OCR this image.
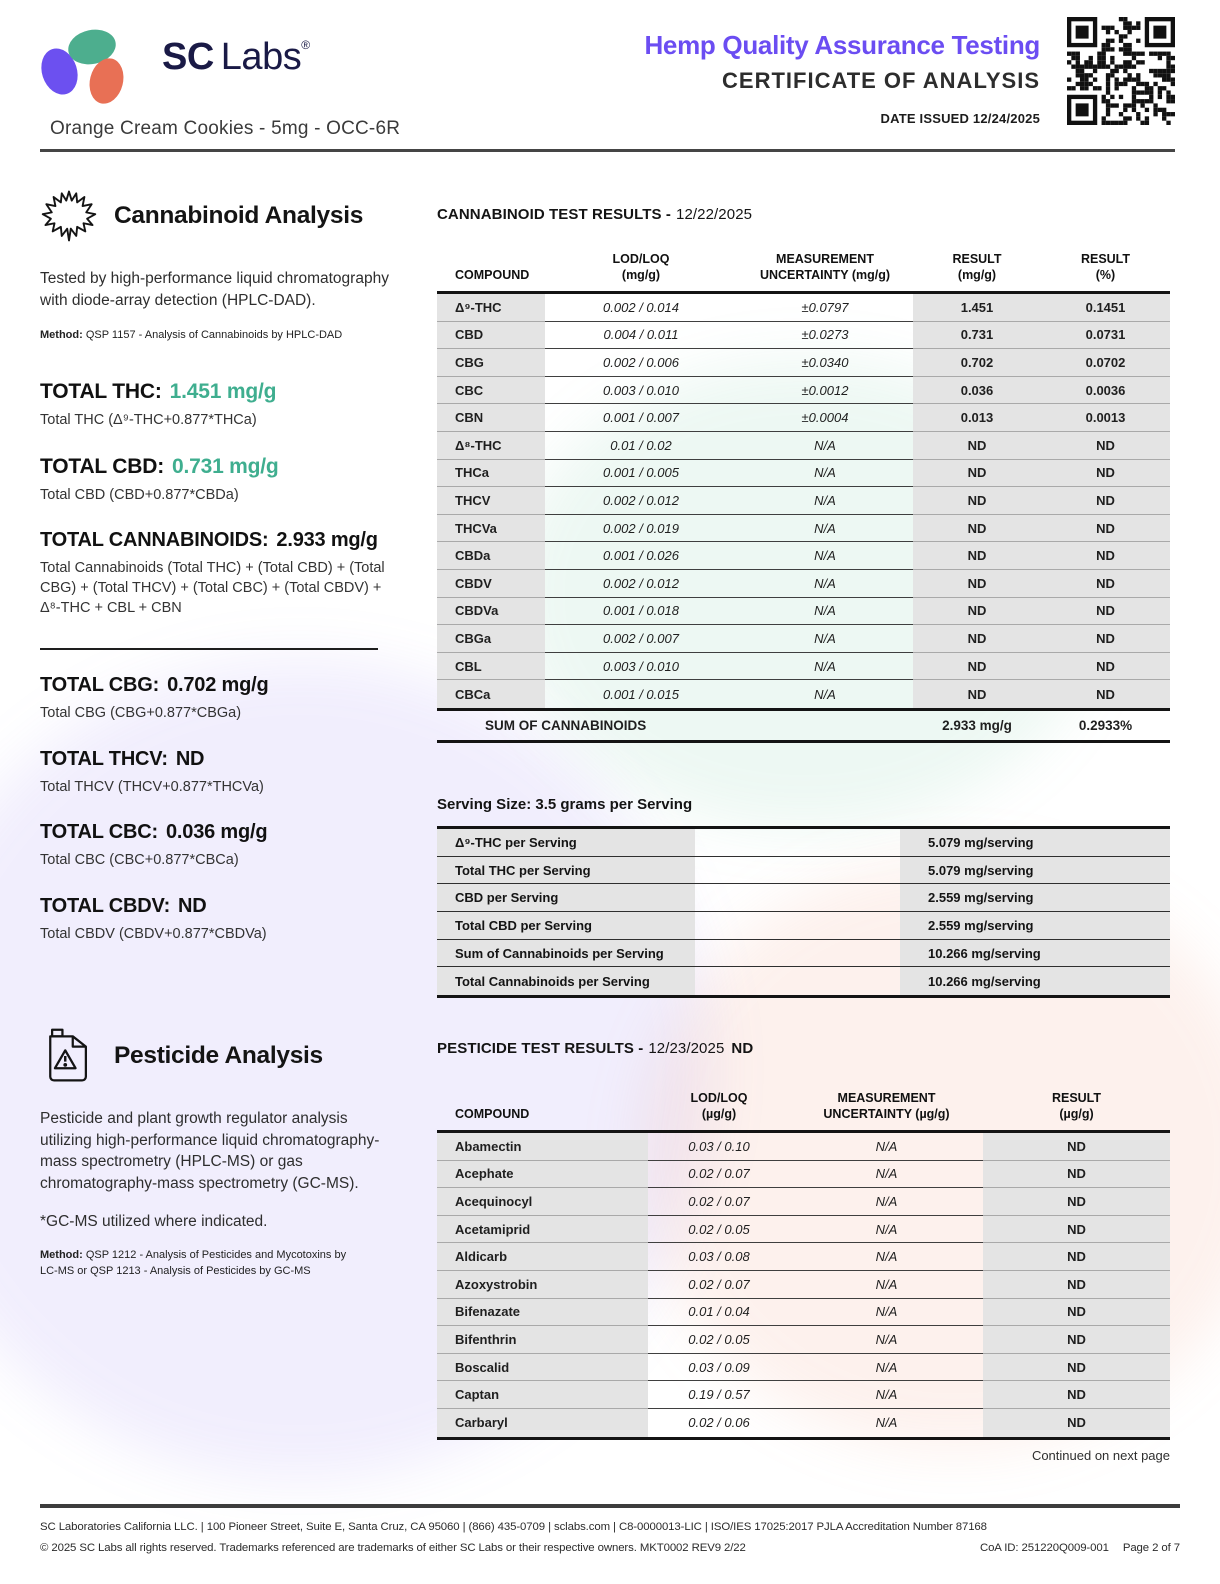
SC Labs®	Hemp Quality Assurance Testing
CERTIFICATE OF ANALYSIS
DATE ISSUED 12/24/2025
Orange Cream Cookies - 5mg - OCC-6R
Cannabinoid Analysis
Tested by high-performance liquid chromatography with diode-array detection (HPLC-DAD).
Method: QSP 1157 - Analysis of Cannabinoids by HPLC-DAD
TOTAL THC: 1.451 mg/g
Total THC (Δ⁹-THC+0.877*THCa)
TOTAL CBD: 0.731 mg/g
Total CBD (CBD+0.877*CBDa)
TOTAL CANNABINOIDS: 2.933 mg/g
Total Cannabinoids (Total THC) + (Total CBD) + (Total CBG) + (Total THCV) + (Total CBC) + (Total CBDV) + Δ⁸-THC + CBL + CBN
TOTAL CBG: 0.702 mg/g
Total CBG (CBG+0.877*CBGa)
TOTAL THCV: ND
Total THCV (THCV+0.877*THCVa)
TOTAL CBC: 0.036 mg/g
Total CBC (CBC+0.877*CBCa)
TOTAL CBDV: ND
Total CBDV (CBDV+0.877*CBDVa)
Pesticide Analysis
Pesticide and plant growth regulator analysis utilizing high-performance liquid chromatography-mass spectrometry (HPLC-MS) or gas chromatography-mass spectrometry (GC-MS).
*GC-MS utilized where indicated.
Method: QSP 1212 - Analysis of Pesticides and Mycotoxins by LC-MS or QSP 1213 - Analysis of Pesticides by GC-MS
CANNABINOID TEST RESULTS - 12/22/2025
COMPOUND
LOD/LOQ
(mg/g)
MEASUREMENT
UNCERTAINTY (mg/g)
RESULT
(mg/g)
RESULT
(%)
Δ⁹-THC	0.002 / 0.014	±0.0797	1.451	0.1451
CBD	0.004 / 0.011	±0.0273	0.731	0.0731
CBG	0.002 / 0.006	±0.0340	0.702	0.0702
CBC	0.003 / 0.010	±0.0012	0.036	0.0036
CBN	0.001 / 0.007	±0.0004	0.013	0.0013
Δ⁸-THC	0.01 / 0.02	N/A	ND	ND
THCa	0.001 / 0.005	N/A	ND	ND
THCV	0.002 / 0.012	N/A	ND	ND
THCVa	0.002 / 0.019	N/A	ND	ND
CBDa	0.001 / 0.026	N/A	ND	ND
CBDV	0.002 / 0.012	N/A	ND	ND
CBDVa	0.001 / 0.018	N/A	ND	ND
CBGa	0.002 / 0.007	N/A	ND	ND
CBL	0.003 / 0.010	N/A	ND	ND
CBCa	0.001 / 0.015	N/A	ND	ND
SUM OF CANNABINOIDS	2.933 mg/g	0.2933%
Serving Size: 3.5 grams per Serving
Δ⁹-THC per Serving	5.079 mg/serving
Total THC per Serving	5.079 mg/serving
CBD per Serving	2.559 mg/serving
Total CBD per Serving	2.559 mg/serving
Sum of Cannabinoids per Serving	10.266 mg/serving
Total Cannabinoids per Serving	10.266 mg/serving
PESTICIDE TEST RESULTS - 12/23/2025 ND
COMPOUND
LOD/LOQ
(µg/g)
MEASUREMENT
UNCERTAINTY (µg/g)
RESULT
(µg/g)
Abamectin	0.03 / 0.10	N/A	ND
Acephate	0.02 / 0.07	N/A	ND
Acequinocyl	0.02 / 0.07	N/A	ND
Acetamiprid	0.02 / 0.05	N/A	ND
Aldicarb	0.03 / 0.08	N/A	ND
Azoxystrobin	0.02 / 0.07	N/A	ND
Bifenazate	0.01 / 0.04	N/A	ND
Bifenthrin	0.02 / 0.05	N/A	ND
Boscalid	0.03 / 0.09	N/A	ND
Captan	0.19 / 0.57	N/A	ND
Carbaryl	0.02 / 0.06	N/A	ND
Continued on next page
SC Laboratories California LLC. | 100 Pioneer Street, Suite E, Santa Cruz, CA 95060 | (866) 435-0709 | sclabs.com | C8-0000013-LIC | ISO/IES 17025:2017 PJLA Accreditation Number 87168
© 2025 SC Labs all rights reserved. Trademarks referenced are trademarks of either SC Labs or their respective owners. MKT0002 REV9 2/22	CoA ID: 251220Q009-001 Page 2 of 7
